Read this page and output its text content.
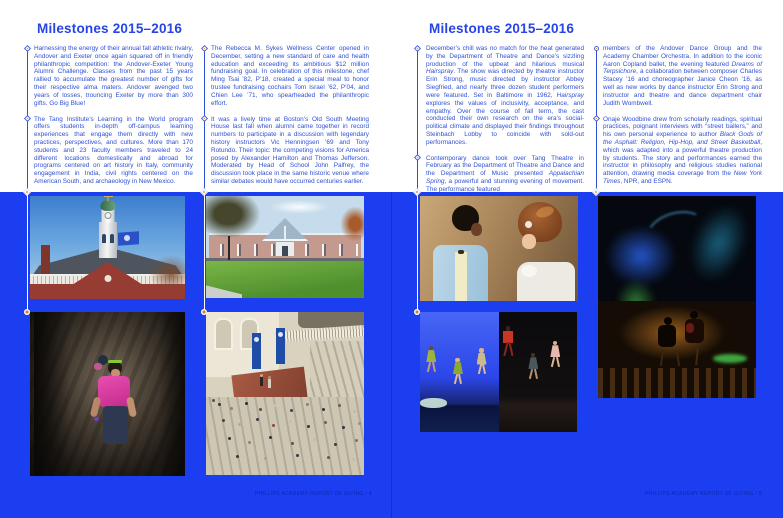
Milestones 2015–2016	Milestones 2015–2016
Harnessing the energy of their annual fall athletic rivalry, Andover and Exeter once again squared off in friendly philanthropic competition: the Andover-Exeter Young Alumni Challenge. Classes from the past 15 years rallied to accumulate the greatest number of gifts for their respective alma maters. Andover avenged two years of losses, trouncing Exeter by more than 300 gifts. Go Big Blue!
The Tang Institute’s Learning in the World program offers students in-depth off-campus learning experiences that engage them directly with new practices, perspectives, and cultures. More than 170 students and 23 faculty members traveled to 24 different locations domestically and abroad for programs centered on art history in Italy, community engagement in India, civil rights centered on the American South, and archaeology in New Mexico.
The Rebecca M. Sykes Wellness Center opened in December, setting a new standard of care and health education and exceeding its ambitious $12 million fundraising goal. In celebration of this milestone, chef Ming Tsai ’82, P’18, created a special meal to honor trustee fundraising cochairs Tom Israel ’62, P’04, and Chien Lee ’71, who spearheaded the philanthropic effort.
It was a lively time at Boston’s Old South Meeting House last fall when alumni came together in record numbers to participate in a discussion with legendary history instructors Vic Henningsen ’69 and Tony Rotundo. Their topic: the competing visions for America posed by Alexander Hamilton and Thomas Jefferson. Moderated by Head of School John Palfrey, the discussion took place in the same historic venue where similar debates would have occurred centuries earlier.
December’s chill was no match for the heat generated by the Department of Theatre and Dance’s sizzling production of the upbeat and hilarious musical Hairspray. The show was directed by theatre instructor Erin Strong, music directed by instructor Abbey Siegfried, and nearly three dozen student performers were featured. Set in Baltimore in 1962, Hairspray explores the values of inclusivity, acceptance, and empathy. Over the course of fall term, the cast conducted their own research on the era’s social-political climate and displayed their findings throughout Steinbach Lobby to coincide with sold-out performances.
Contemporary dance took over Tang Theatre in February as the Department of Theatre and Dance and the Department of Music presented Appalachian Spring, a powerful and stunning evening of movement. The performance featured
members of the Andover Dance Group and the Academy Chamber Orchestra. In addition to the iconic Aaron Copland ballet, the evening featured Dreams of Terpsichore, a collaboration between composer Charles Stacey ’16 and choreographer Janice Cheon ’16, as well as new works by dance instructor Erin Strong and instructor and theatre and dance department chair Judith Wombwell.
Onaje Woodbine drew from scholarly readings, spiritual practices, poignant interviews with “street ballers,” and his own personal experience to author Black Gods of the Asphalt: Religion, Hip-Hop, and Street Basketball, which was adapted into a powerful theatre production by students. The story and performances earned the instructor in philosophy and religious studies national attention, drawing media coverage from the New York Times, NPR, and ESPN.
PHILLIPS ACADEMY REPORT OF GIVING / 4	PHILLIPS ACADEMY REPORT OF GIVING / 5
